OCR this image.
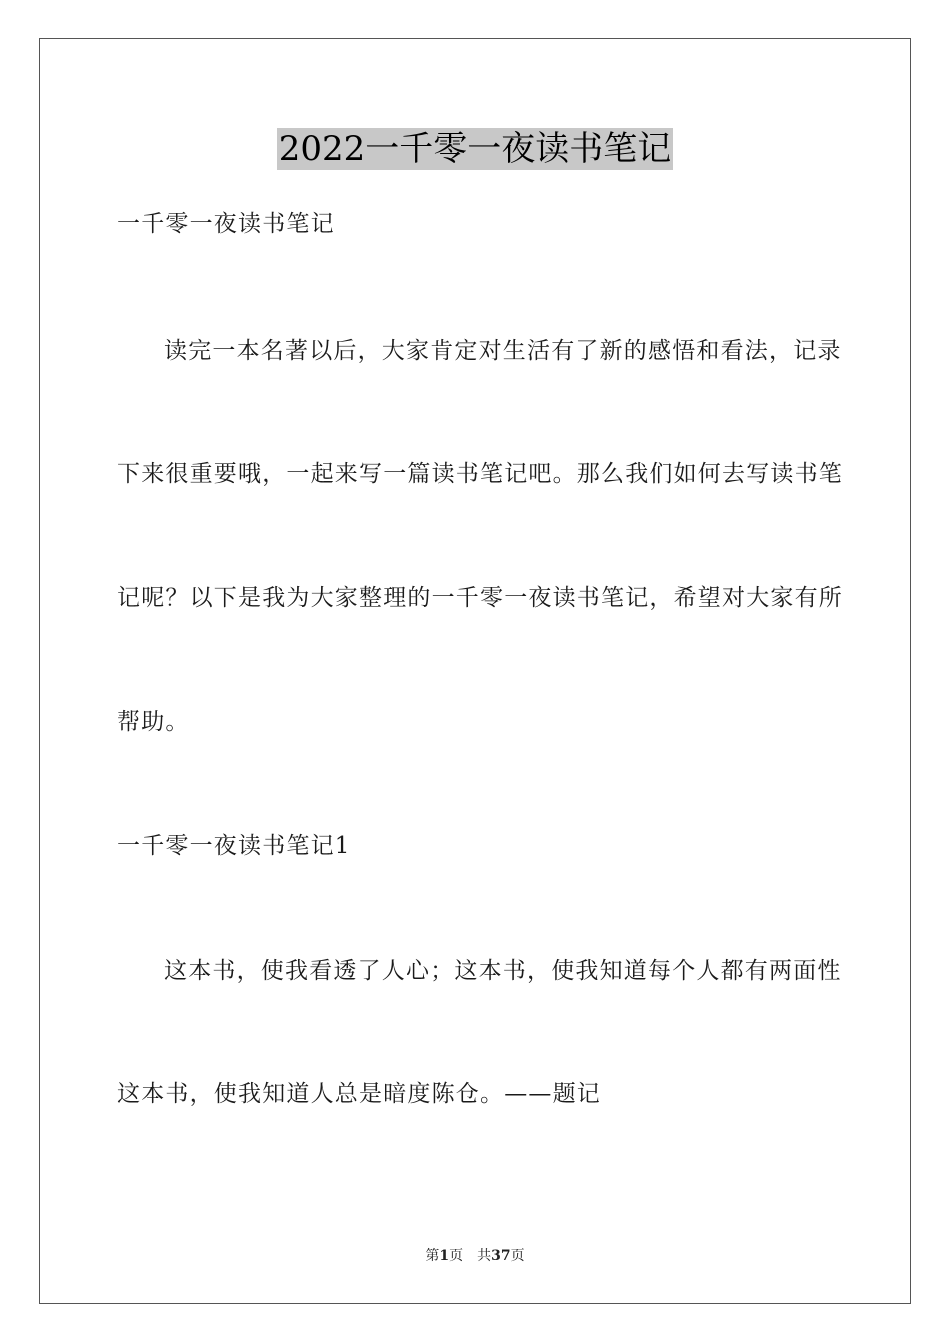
2022一千零一夜读书笔记
一千零一夜读书笔记
读完一本名著以后，大家肯定对生活有了新的感悟和看法，记录
下来很重要哦，一起来写一篇读书笔记吧。那么我们如何去写读书笔
记呢？以下是我为大家整理的一千零一夜读书笔记，希望对大家有所
帮助。
一千零一夜读书笔记1
这本书，使我看透了人心；这本书，使我知道每个人都有两面性
这本书，使我知道人总是暗度陈仓。——题记
第1页 共37页
